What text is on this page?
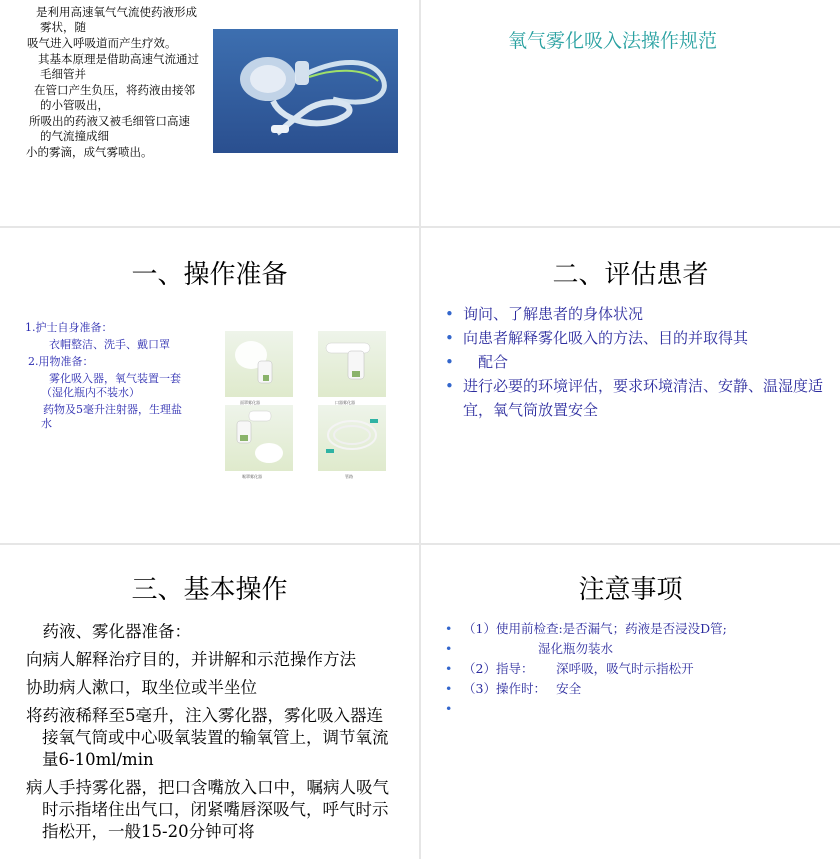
是利用高速氧气气流使药液形成
雾状，随
吸气进入呼吸道而产生疗效。
其基本原理是借助高速气流通过
毛细管并
在管口产生负压，将药液由接邻
的小管吸出，
所吸出的药液又被毛细管口高速
的气流撞成细
小的雾滴，成气雾喷出。
氧气雾化吸入法操作规范
一、操作准备
1.护士自身准备：
衣帽整洁、洗手、戴口罩
2.用物准备：
雾化吸入器，氧气装置一套
（湿化瓶内不装水）
药物及5毫升注射器，生理盐
水
面罩雾化器	口器雾化器
喉罩雾化器	管路
二、评估患者
• 询问、了解患者的身体状况
• 向患者解释雾化吸入的方法、目的并取得其
• 　配合
• 进行必要的环境评估，要求环境清洁、安静、温湿度适宜，氧气筒放置安全
三、基本操作

　药液、雾化器准备：

向病人解释治疗目的，并讲解和示范操作方法

协助病人漱口，取坐位或半坐位

将药液稀释至5毫升，注入雾化器，雾化吸入器连接氧气筒或中心吸氧装置的输氧管上，调节氧流量6-10ml/min

病人手持雾化器，把口含嘴放入口中，嘱病人吸气时示指堵住出气口，闭紧嘴唇深吸气，呼气时示指松开，一般15-20分钟可将

注意事项
• （1）使用前检查:是否漏气；药液是否浸没D管;
• 　　　　　　湿化瓶勿装水
• （2）指导：　　 深呼吸，吸气时示指松开
• （3）操作时：　 安全
